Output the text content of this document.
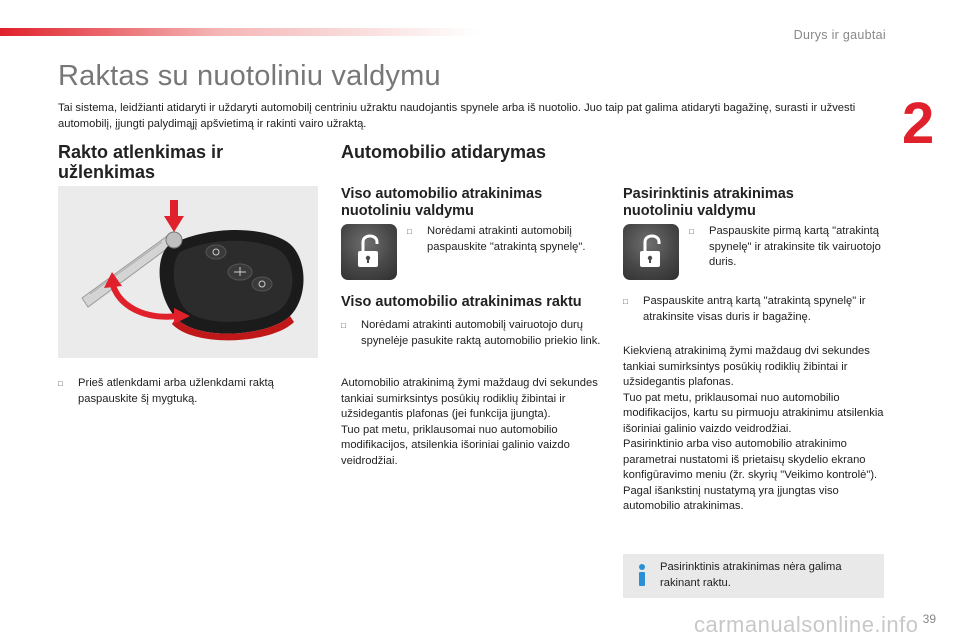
Durys ir gaubtai
2
Raktas su nuotoliniu valdymu
Tai sistema, leidžianti atidaryti ir uždaryti automobilį centriniu užraktu naudojantis spynele arba iš nuotolio. Juo taip pat galima atidaryti bagažinę, surasti ir užvesti automobilį, įjungti palydimąjį apšvietimą ir rakinti vairo užraktą.
Rakto atlenkimas ir
užlenkimas
□	Prieš atlenkdami arba užlenkdami raktą paspauskite šį mygtuką.
Automobilio atidarymas
Viso automobilio atrakinimas
nuotoliniu valdymu
□	Norėdami atrakinti automobilį paspauskite "atrakintą spynelę".
Viso automobilio atrakinimas raktu
□	Norėdami atrakinti automobilį vairuotojo durų spynelėje pasukite raktą automobilio priekio link.

Automobilio atrakinimą žymi maždaug dvi sekundes tankiai sumirksintys posūkių rodiklių žibintai ir užsidegantis plafonas (jei funkcija įjungta).

Tuo pat metu, priklausomai nuo automobilio modifikacijos, atsilenkia išoriniai galinio vaizdo veidrodžiai.

Pasirinktinis atrakinimas
nuotoliniu valdymu
□	Paspauskite pirmą kartą "atrakintą spynelę" ir atrakinsite tik vairuotojo duris.
□	Paspauskite antrą kartą "atrakintą spynelę" ir atrakinsite visas duris ir bagažinę.

Kiekvieną atrakinimą žymi maždaug dvi sekundes tankiai sumirksintys posūkių rodiklių žibintai ir užsidegantis plafonas.

Tuo pat metu, priklausomai nuo automobilio modifikacijos, kartu su pirmuoju atrakinimu atsilenkia išoriniai galinio vaizdo veidrodžiai.

Pasirinktinio arba viso automobilio atrakinimo parametrai nustatomi iš prietaisų skydelio ekrano konfigūravimo meniu (žr. skyrių "Veikimo kontrolė").

Pagal išankstinį nustatymą yra įjungtas viso automobilio atrakinimas.

Pasirinktinis atrakinimas nėra galima rakinant raktu.
carmanualsonline.info 39
